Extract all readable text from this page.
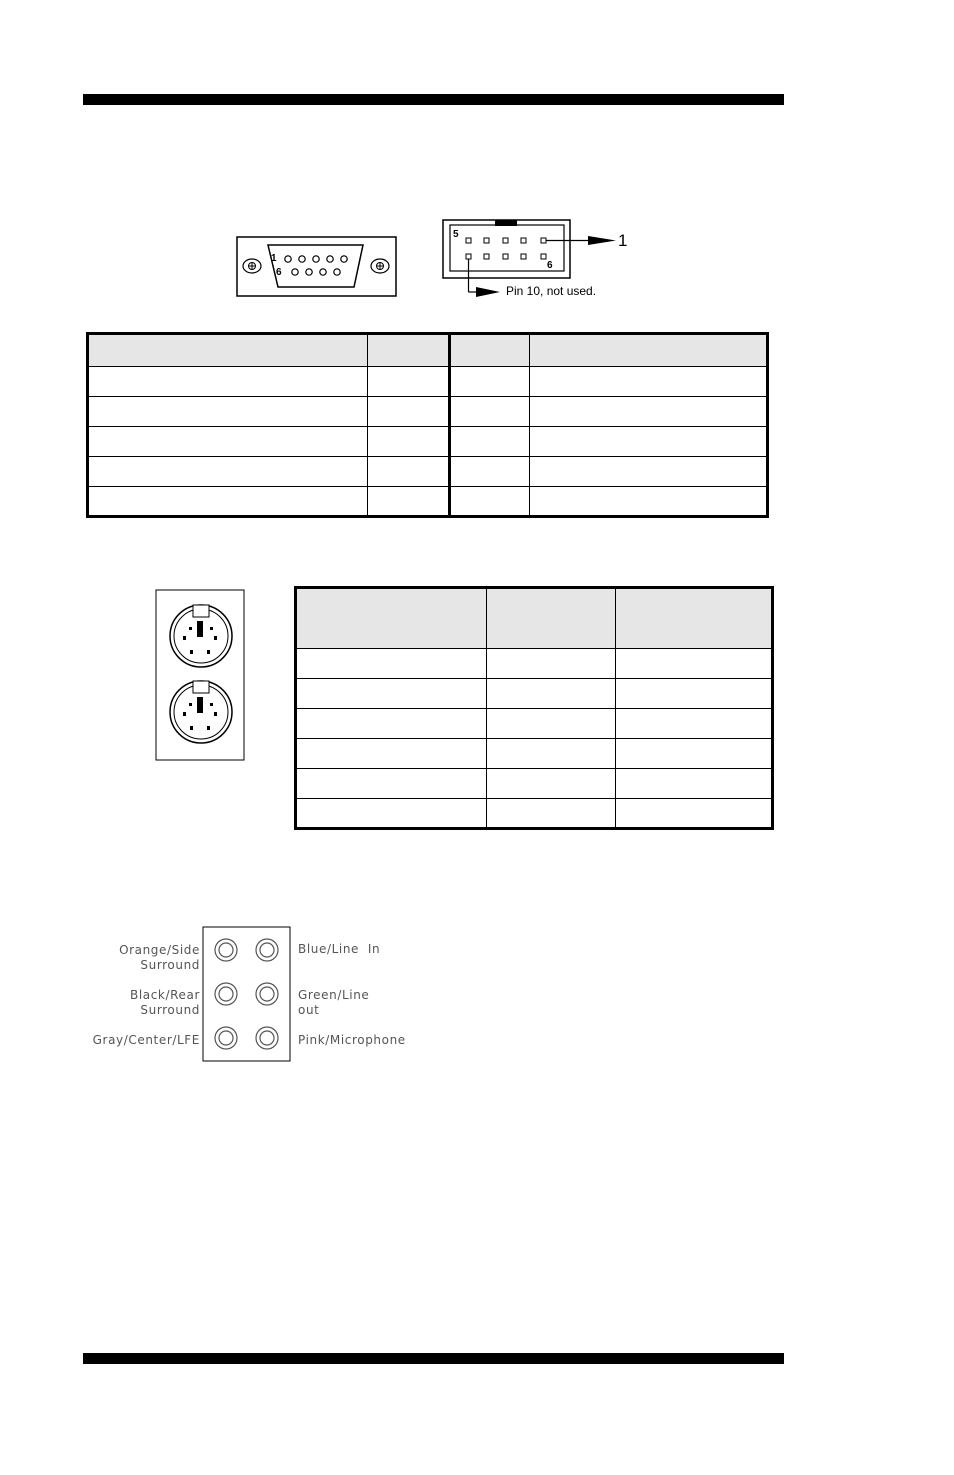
1
6
5
6
1
Pin 10, not used.

Orange/Side
Surround
Black/Rear
Surround
Gray/Center/LFE
Blue/Line  In
Green/Line
out
Pink/Microphone
